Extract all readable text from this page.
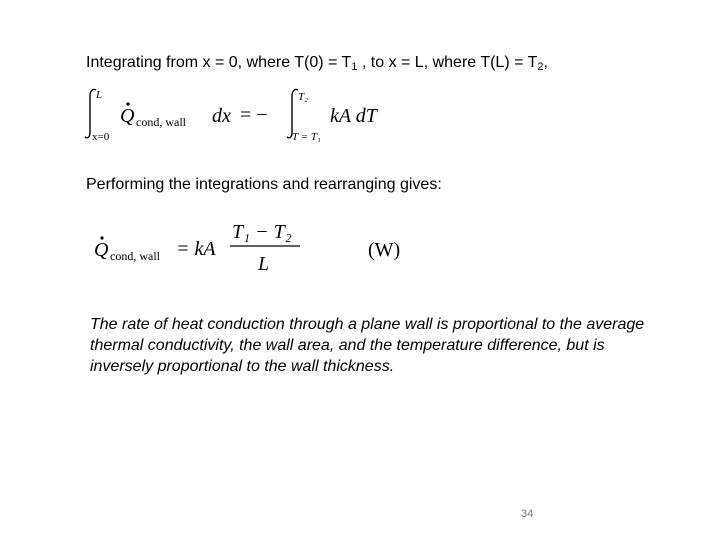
Integrating from x = 0, where $T(0) = T_1$ , to x = L, where $T(L) = T_2$,
L
x=0
Q cond, wall dx = −
T₂
T = T₁
kA dT
Performing the integrations and rearranging gives:
Q cond, wall = kA
T₁ − T₂
L
(W)
The rate of heat conduction through a plane wall is proportional to the average thermal conductivity, the wall area, and the temperature difference, but is inversely proportional to the wall thickness.
34
